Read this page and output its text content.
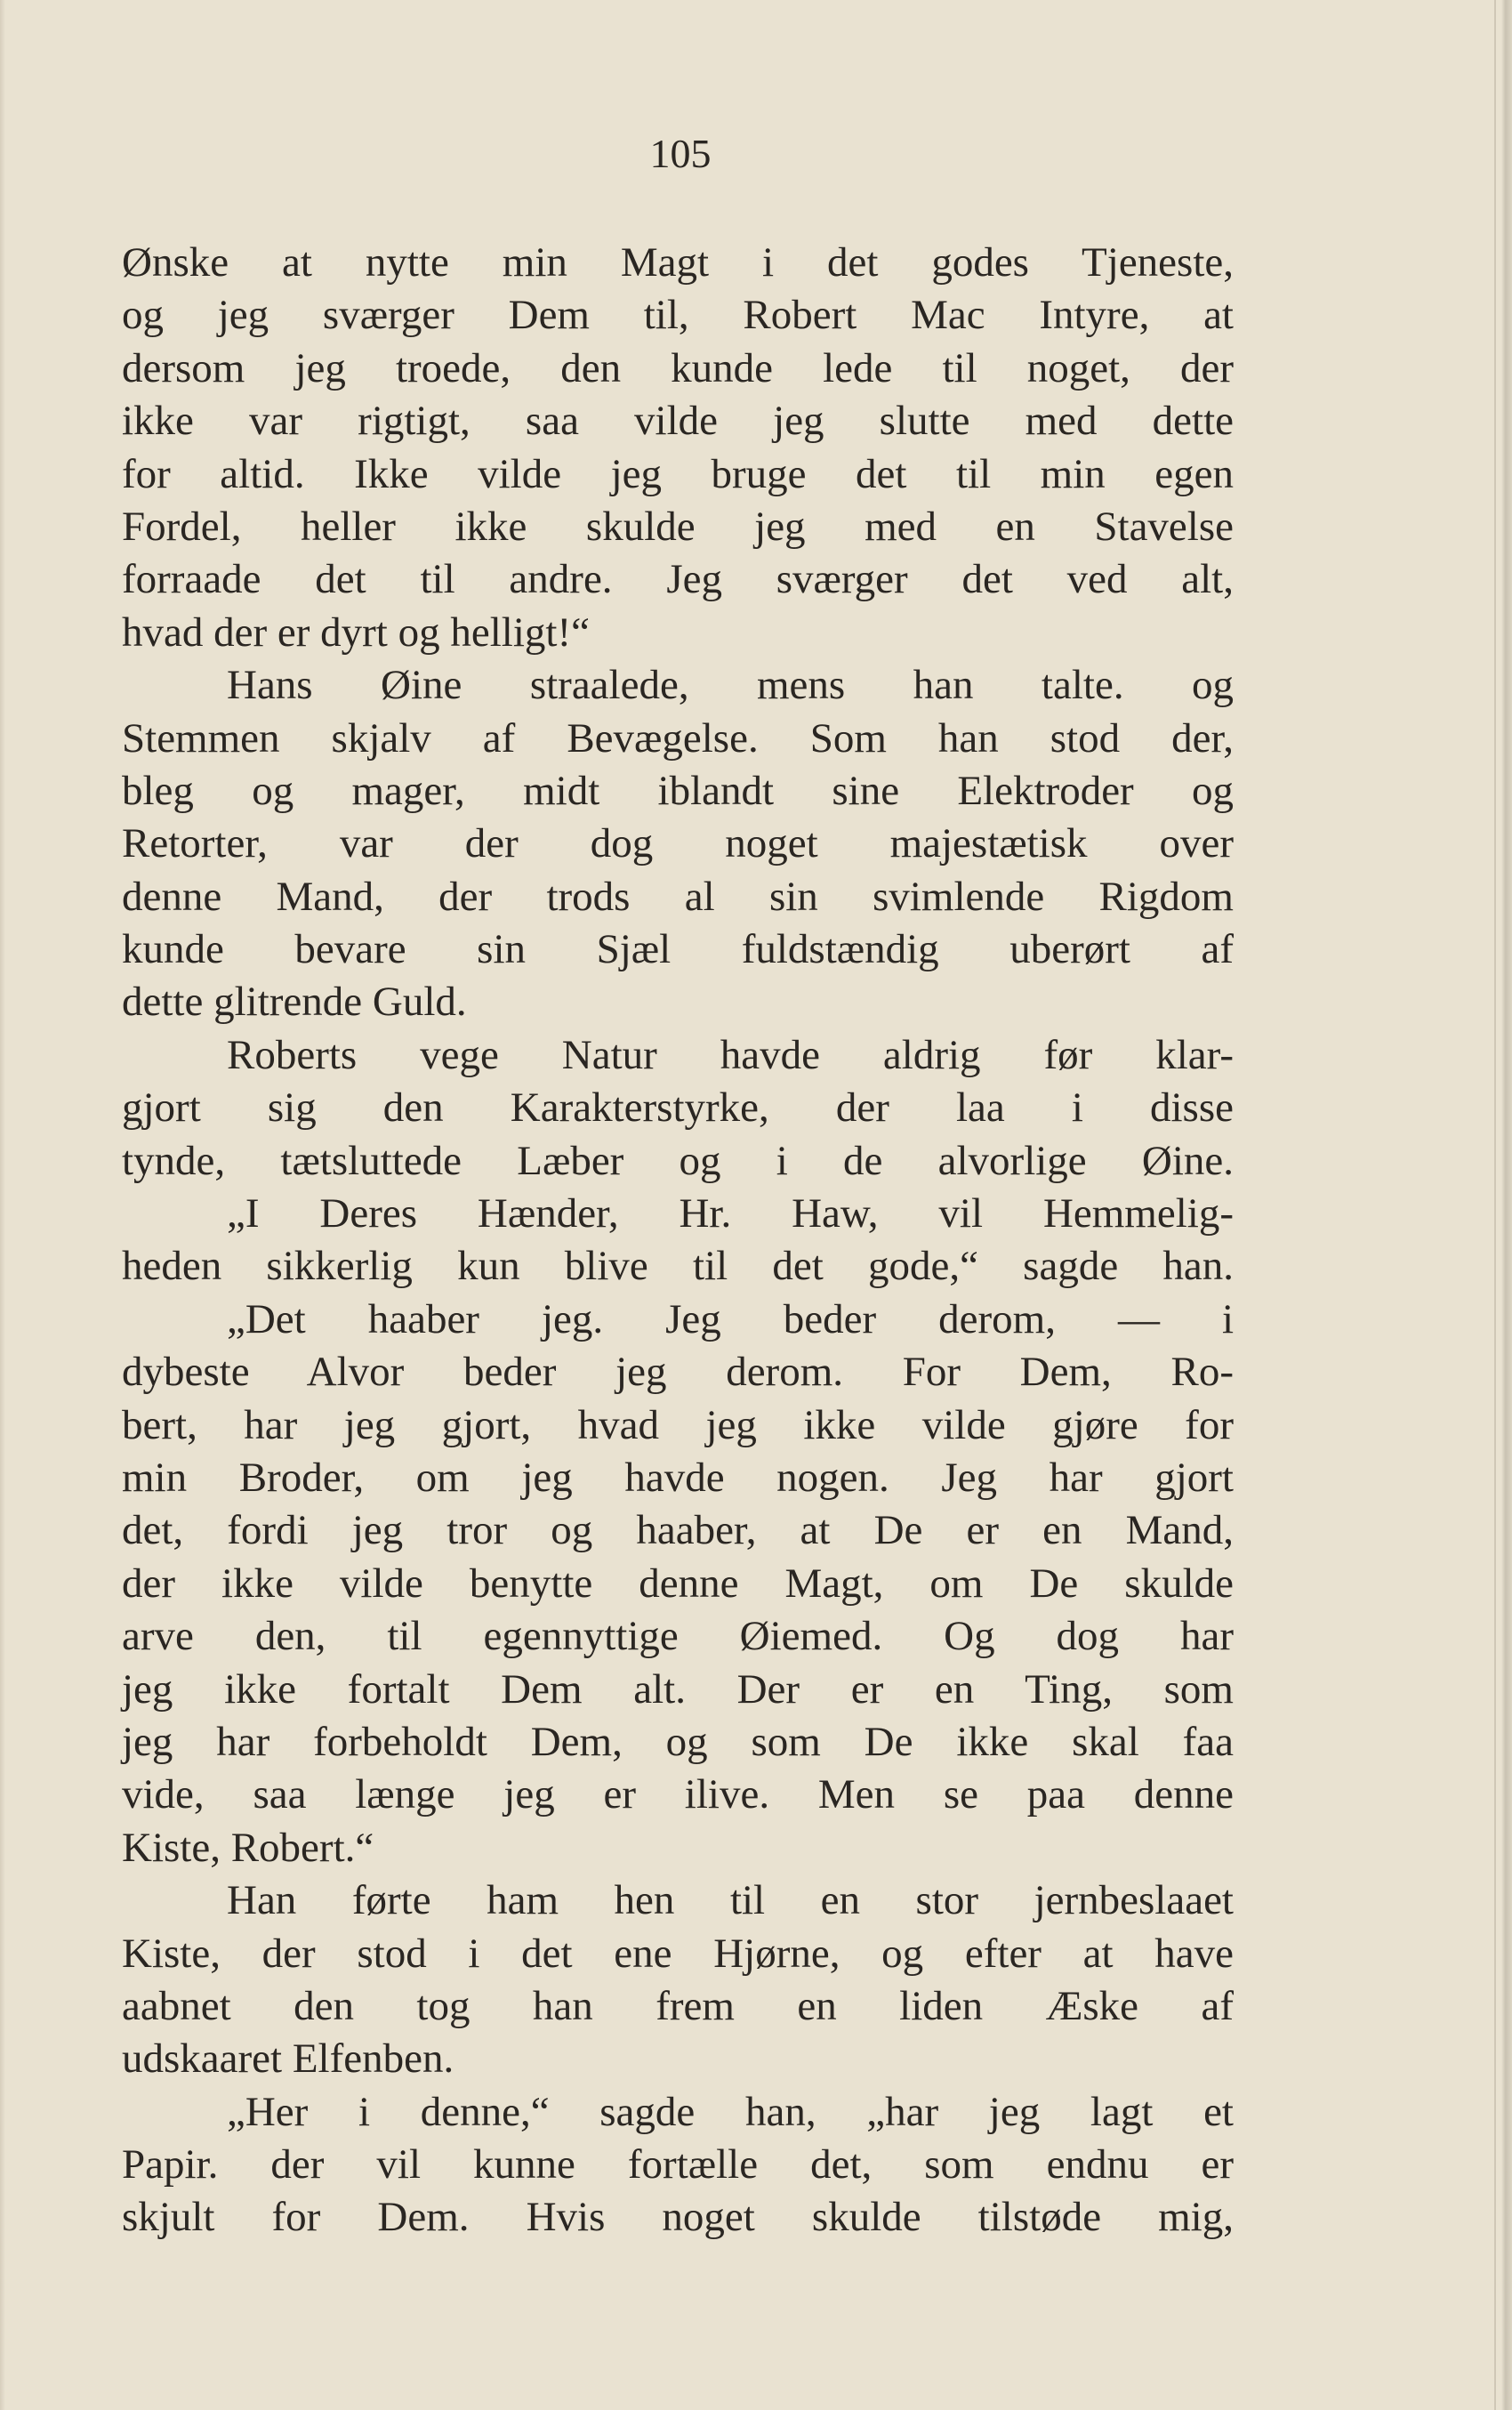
105
Ønske at nytte min Magt i det godes Tjeneste,
og jeg sværger Dem til, Robert Mac Intyre, at
dersom jeg troede, den kunde lede til noget, der
ikke var rigtigt, saa vilde jeg slutte med dette
for altid. Ikke vilde jeg bruge det til min egen
Fordel, heller ikke skulde jeg med en Stavelse
forraade det til andre. Jeg sværger det ved alt,
hvad der er dyrt og helligt!“
Hans Øine straalede, mens han talte. og
Stemmen skjalv af Bevægelse. Som han stod der,
bleg og mager, midt iblandt sine Elektroder og
Retorter, var der dog noget majestætisk over
denne Mand, der trods al sin svimlende Rigdom
kunde bevare sin Sjæl fuldstændig uberørt af
dette glitrende Guld.
Roberts vege Natur havde aldrig før klar-
gjort sig den Karakterstyrke, der laa i disse
tynde, tætsluttede Læber og i de alvorlige Øine.
„I Deres Hænder, Hr. Haw, vil Hemmelig-
heden sikkerlig kun blive til det gode,“ sagde han.
„Det haaber jeg. Jeg beder derom, — i
dybeste Alvor beder jeg derom. For Dem, Ro-
bert, har jeg gjort, hvad jeg ikke vilde gjøre for
min Broder, om jeg havde nogen. Jeg har gjort
det, fordi jeg tror og haaber, at De er en Mand,
der ikke vilde benytte denne Magt, om De skulde
arve den, til egennyttige Øiemed. Og dog har
jeg ikke fortalt Dem alt. Der er en Ting, som
jeg har forbeholdt Dem, og som De ikke skal faa
vide, saa længe jeg er ilive. Men se paa denne
Kiste, Robert.“
Han førte ham hen til en stor jernbeslaaet
Kiste, der stod i det ene Hjørne, og efter at have
aabnet den tog han frem en liden Æske af
udskaaret Elfenben.
„Her i denne,“ sagde han, „har jeg lagt et
Papir. der vil kunne fortælle det, som endnu er
skjult for Dem. Hvis noget skulde tilstøde mig,
